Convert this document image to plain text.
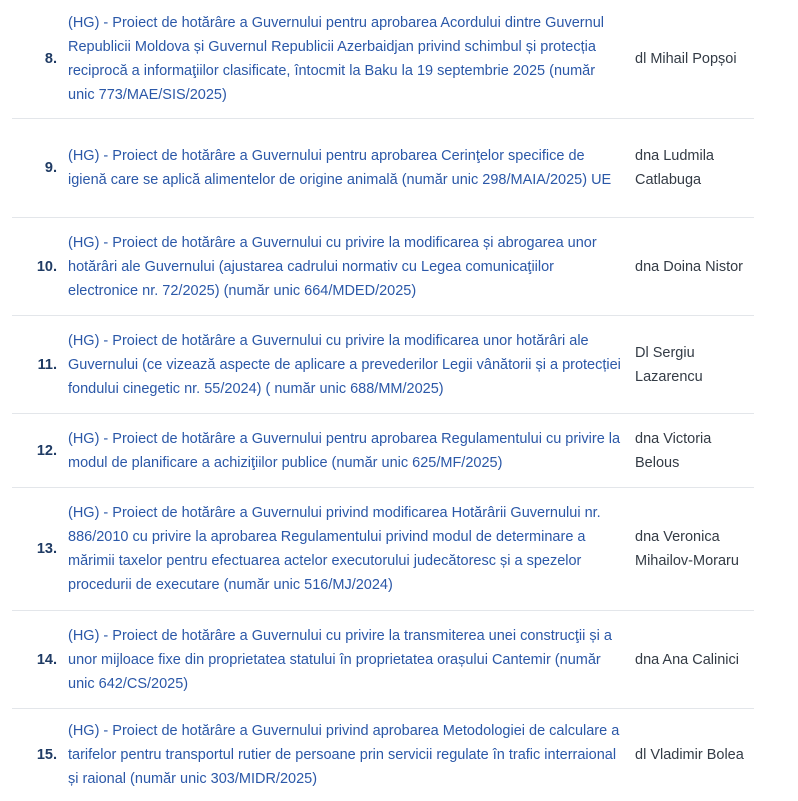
8.
(HG) - Proiect de hotărâre a Guvernului pentru aprobarea Acordului dintre Guvernul Republicii Moldova și Guvernul Republicii Azerbaidjan privind schimbul și protecția reciprocă a informaţiilor clasificate, întocmit la Baku la 19 septembrie 2025 (număr unic 773/MAE/SIS/2025)
dl Mihail Popșoi
9.
(HG) - Proiect de hotărâre a Guvernului pentru aprobarea Cerinţelor specifice de igienă care se aplică alimentelor de origine animală (număr unic 298/MAIA/2025) UE
dna Ludmila Catlabuga
10.
(HG) - Proiect de hotărâre a Guvernului cu privire la modificarea și abrogarea unor hotărâri ale Guvernului (ajustarea cadrului normativ cu Legea comunicaţiilor electronice nr. 72/2025) (număr unic 664/MDED/2025)
dna Doina Nistor
11.
(HG) - Proiect de hotărâre a Guvernului cu privire la modificarea unor hotărâri ale Guvernului (ce vizează aspecte de aplicare a prevederilor Legii vânătorii și a protecției fondului cinegetic nr. 55/2024) ( număr unic 688/MM/2025)
Dl Sergiu Lazarencu
12.
(HG) - Proiect de hotărâre a Guvernului pentru aprobarea Regulamentului cu privire la modul de planificare a achiziţiilor publice (număr unic 625/MF/2025)
dna Victoria Belous
13.
(HG) - Proiect de hotărâre a Guvernului privind modificarea Hotărârii Guvernului nr. 886/2010 cu privire la aprobarea Regulamentului privind modul de determinare a mărimii taxelor pentru efectuarea actelor executorului judecătoresc și a spezelor procedurii de executare (număr unic 516/MJ/2024)
dna Veronica Mihailov-Moraru
14.
(HG) - Proiect de hotărâre a Guvernului cu privire la transmiterea unei construcţii și a unor mijloace fixe din proprietatea statului în proprietatea orașului Cantemir (număr unic 642/CS/2025)
dna Ana Calinici
15.
(HG) - Proiect de hotărâre a Guvernului privind aprobarea Metodologiei de calculare a tarifelor pentru transportul rutier de persoane prin servicii regulate în trafic interraional și raional (număr unic 303/MIDR/2025)
dl Vladimir Bolea
